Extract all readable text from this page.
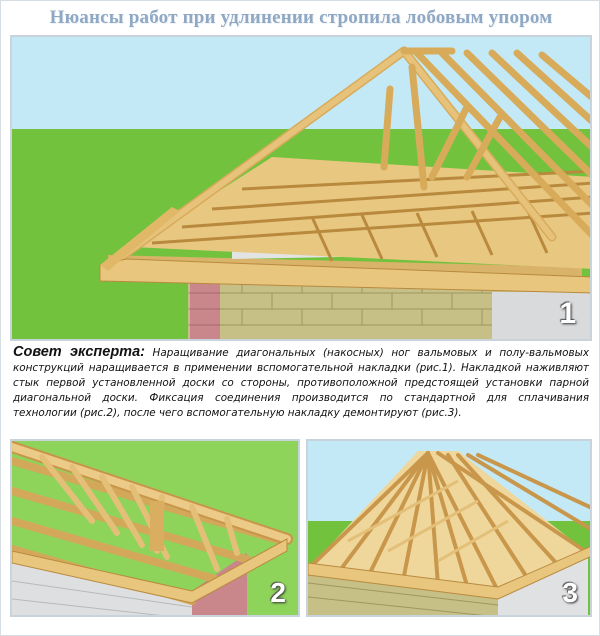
Нюансы работ при удлинении стропила лобовым упором
1
Совет эксперта: Наращивание диагональных (накосных) ног вальмовых и полу-вальмовых конструкций наращивается в применении вспомогательной накладки (рис.1). Накладкой наживляют стык первой установленной доски со стороны, противоположной предстоящей установки парной диагональной доски. Фиксация соединения производится по стандартной для сплачивания технологии (рис.2), после чего вспомогательную накладку демонтируют (рис.3).
2	3
